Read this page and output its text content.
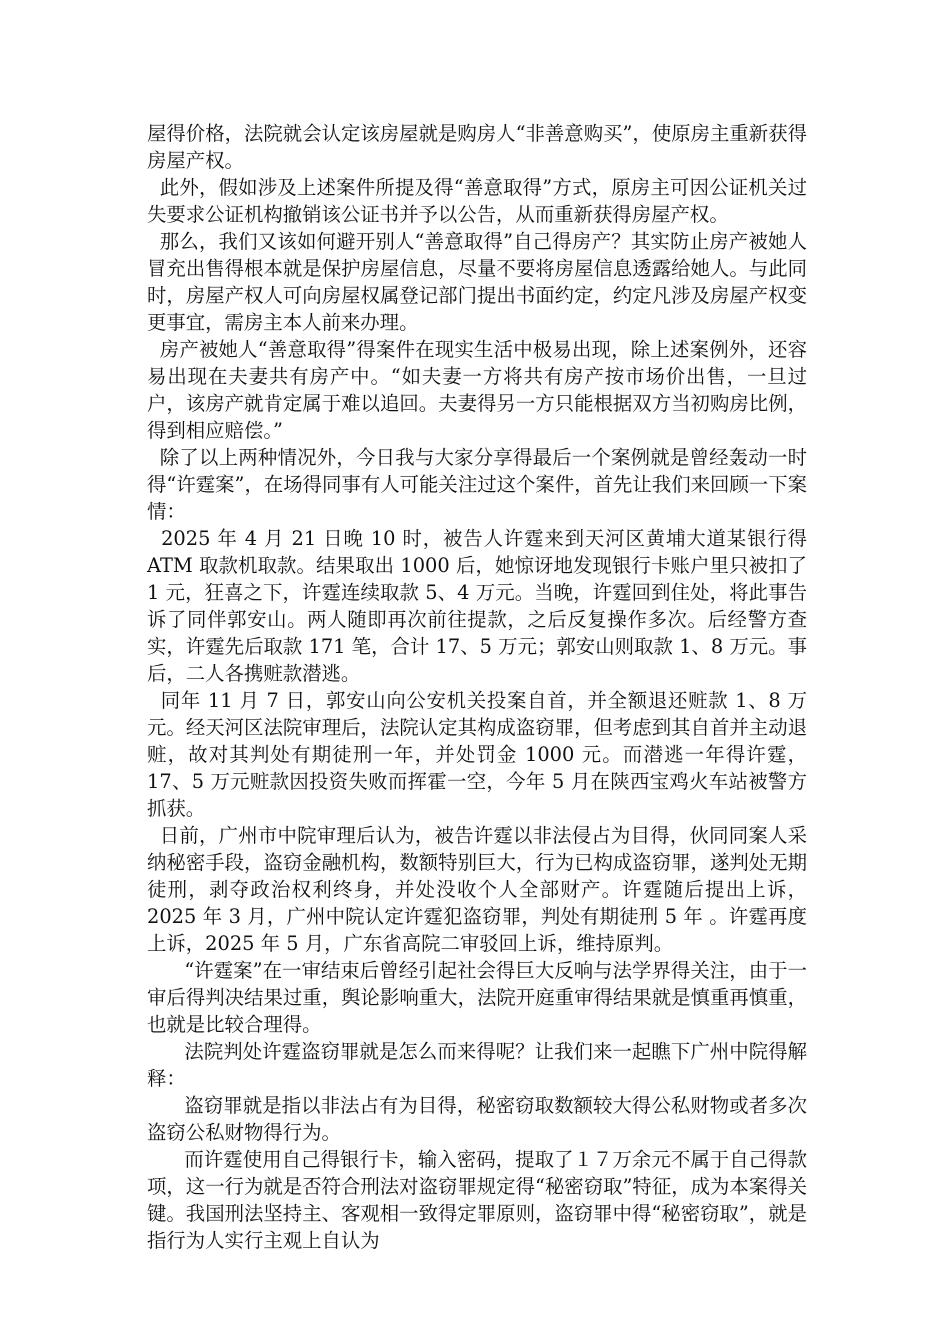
屋得价格，法院就会认定该房屋就是购房人“非善意购买”，使原房主重新获得房屋产权。

此外，假如涉及上述案件所提及得“善意取得”方式，原房主可因公证机关过失要求公证机构撤销该公证书并予以公告，从而重新获得房屋产权。

那么，我们又该如何避开别人“善意取得”自己得房产？其实防止房产被她人冒充出售得根本就是保护房屋信息，尽量不要将房屋信息透露给她人。与此同时，房屋产权人可向房屋权属登记部门提出书面约定，约定凡涉及房屋产权变更事宜，需房主本人前来办理。

房产被她人“善意取得”得案件在现实生活中极易出现，除上述案例外，还容易出现在夫妻共有房产中。“如夫妻一方将共有房产按市场价出售，一旦过户，该房产就肯定属于难以追回。夫妻得另一方只能根据双方当初购房比例，得到相应赔偿。”

除了以上两种情况外，今日我与大家分享得最后一个案例就是曾经轰动一时得“许霆案”，在场得同事有人可能关注过这个案件，首先让我们来回顾一下案情：

2025 年 4 月 21 日晚 10 时，被告人许霆来到天河区黄埔大道某银行得 ATM 取款机取款。结果取出 1000 后，她惊讶地发现银行卡账户里只被扣了 1 元，狂喜之下，许霆连续取款 5、4 万元。当晚，许霆回到住处，将此事告诉了同伴郭安山。两人随即再次前往提款，之后反复操作多次。后经警方查实，许霆先后取款 171 笔，合计 17、5 万元；郭安山则取款 1、8 万元。事后，二人各携赃款潜逃。

同年 11 月 7 日，郭安山向公安机关投案自首，并全额退还赃款 1、8 万元。经天河区法院审理后，法院认定其构成盗窃罪，但考虑到其自首并主动退赃，故对其判处有期徒刑一年，并处罚金 1000 元。而潜逃一年得许霆，17、5 万元赃款因投资失败而挥霍一空，今年 5 月在陕西宝鸡火车站被警方抓获。

日前，广州市中院审理后认为，被告许霆以非法侵占为目得，伙同同案人采纳秘密手段，盗窃金融机构，数额特别巨大，行为已构成盗窃罪，遂判处无期徒刑，剥夺政治权利终身，并处没收个人全部财产。许霆随后提出上诉，2025 年 3 月，广州中院认定许霆犯盗窃罪，判处有期徒刑 5 年 。许霆再度上诉，2025 年 5 月，广东省高院二审驳回上诉，维持原判。

“许霆案”在一审结束后曾经引起社会得巨大反响与法学界得关注，由于一审后得判决结果过重，舆论影响重大，法院开庭重审得结果就是慎重再慎重，也就是比较合理得。

法院判处许霆盗窃罪就是怎么而来得呢？让我们来一起瞧下广州中院得解释：

盗窃罪就是指以非法占有为目得，秘密窃取数额较大得公私财物或者多次盗窃公私财物得行为。

而许霆使用自己得银行卡，输入密码，提取了１７万余元不属于自己得款项，这一行为就是否符合刑法对盗窃罪规定得“秘密窃取”特征，成为本案得关键。我国刑法坚持主、客观相一致得定罪原则，盗窃罪中得“秘密窃取”，就是指行为人实行主观上自认为
